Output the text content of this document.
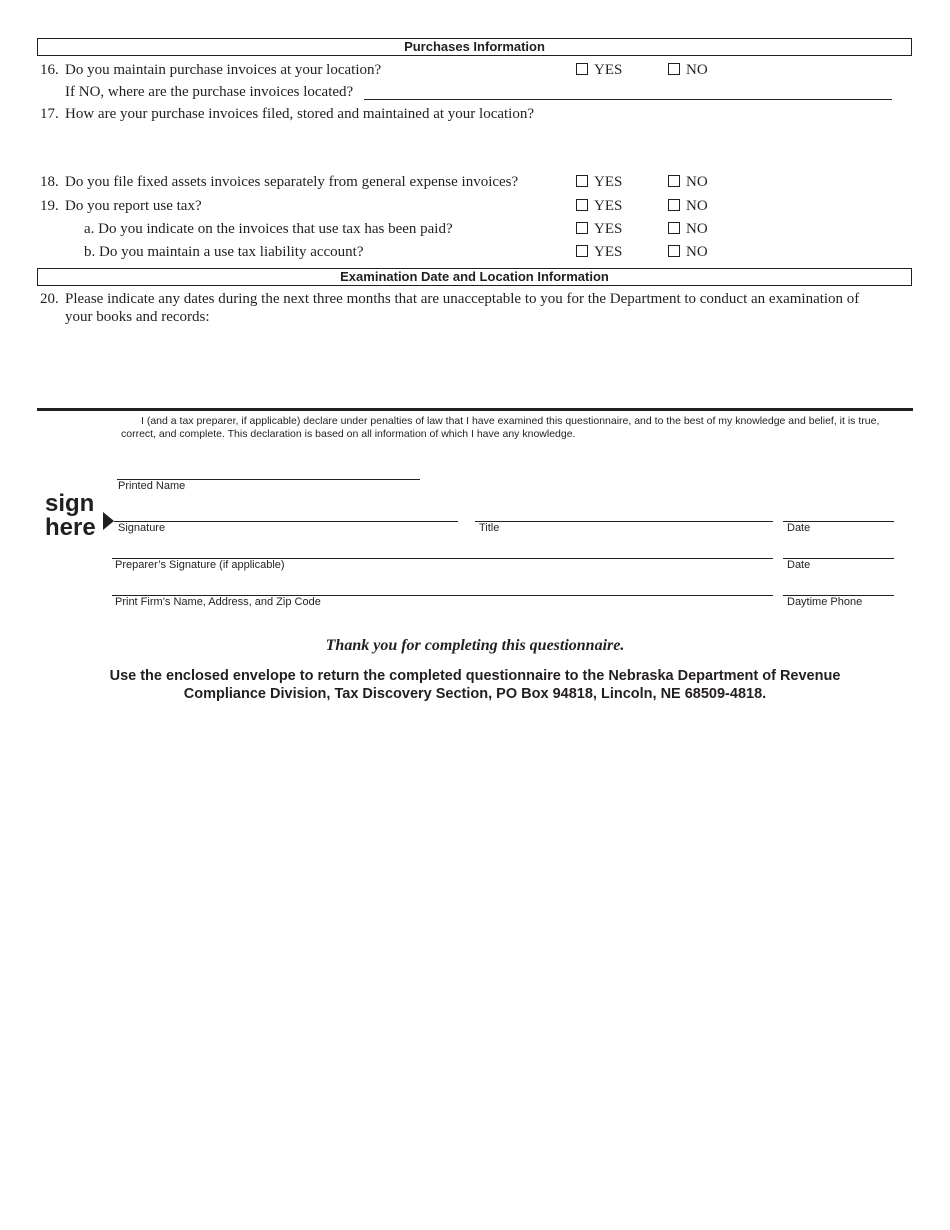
Purchases Information
16. Do you maintain purchase invoices at your location?	YES	NO
If NO, where are the purchase invoices located?
17. How are your purchase invoices filed, stored and maintained at your location?
18. Do you file fixed assets invoices separately from general expense invoices?	YES	NO
19. Do you report use tax?	YES	NO
a. Do you indicate on the invoices that use tax has been paid?	YES	NO
b. Do you maintain a use tax liability account?	YES	NO
Examination Date and Location Information
20. Please indicate any dates during the next three months that are unacceptable to you for the Department to conduct an examination of
your books and records:
I (and a tax preparer, if applicable) declare under penalties of law that I have examined this questionnaire, and to the best of my knowledge and belief, it is true, correct, and complete. This declaration is based on all information of which I have any knowledge.
sign
here
Printed Name
Signature	Title	Date
Preparer’s Signature (if applicable)	Date
Print Firm’s Name, Address, and Zip Code	Daytime Phone
Thank you for completing this questionnaire.
Use the enclosed envelope to return the completed questionnaire to the Nebraska Department of Revenue
Compliance Division, Tax Discovery Section, PO Box 94818, Lincoln, NE 68509-4818.
